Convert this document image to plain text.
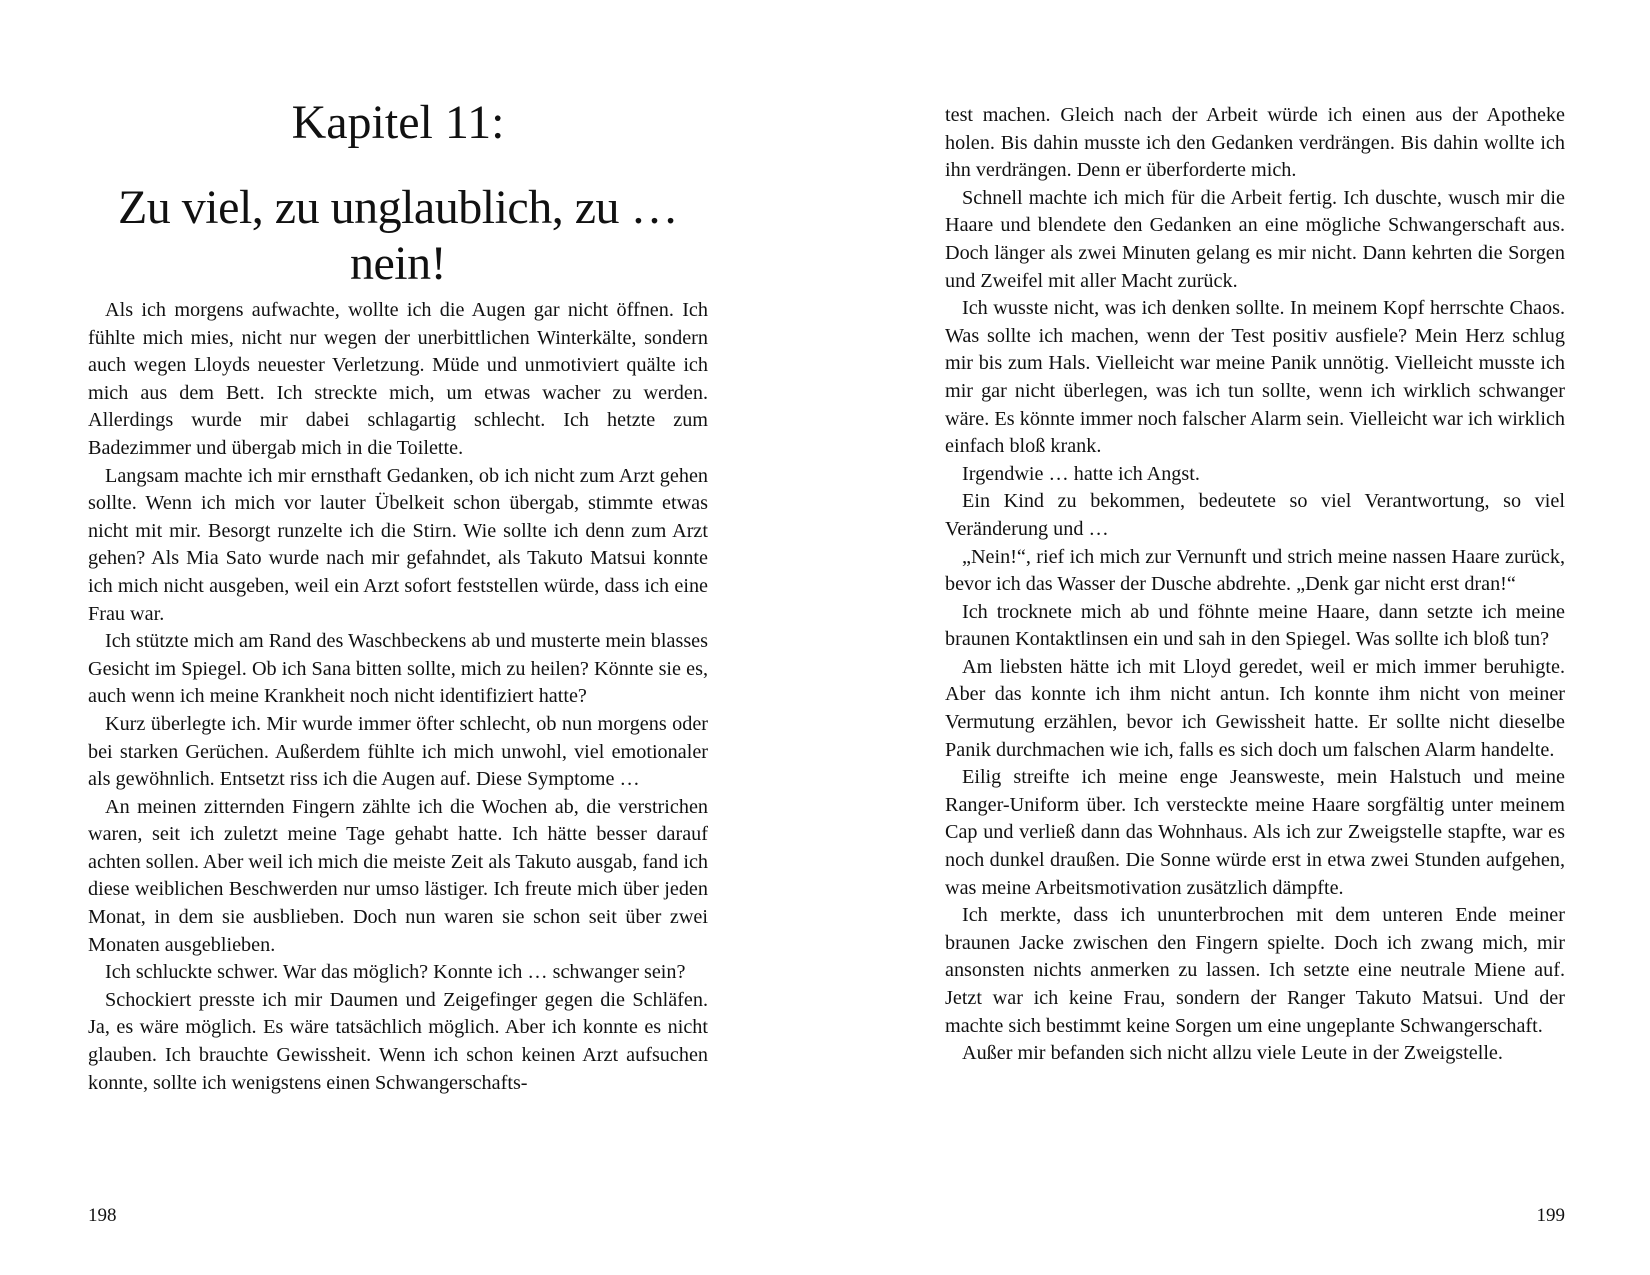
Kapitel 11:
Zu viel, zu unglaublich, zu … nein!

Als ich morgens aufwachte, wollte ich die Augen gar nicht öffnen. Ich fühlte mich mies, nicht nur wegen der unerbittlichen Winterkälte, sondern auch wegen Lloyds neuester Verletzung. Müde und unmotiviert quälte ich mich aus dem Bett. Ich streckte mich, um etwas wacher zu werden. Allerdings wurde mir dabei schlagartig schlecht. Ich hetzte zum Badezimmer und übergab mich in die Toilette.

Langsam machte ich mir ernsthaft Gedanken, ob ich nicht zum Arzt gehen sollte. Wenn ich mich vor lauter Übelkeit schon übergab, stimmte etwas nicht mit mir. Besorgt runzelte ich die Stirn. Wie sollte ich denn zum Arzt gehen? Als Mia Sato wurde nach mir gefahndet, als Takuto Matsui konnte ich mich nicht ausgeben, weil ein Arzt sofort feststellen würde, dass ich eine Frau war.

Ich stützte mich am Rand des Waschbeckens ab und musterte mein blasses Gesicht im Spiegel. Ob ich Sana bitten sollte, mich zu heilen? Könnte sie es, auch wenn ich meine Krankheit noch nicht identifiziert hatte?

Kurz überlegte ich. Mir wurde immer öfter schlecht, ob nun morgens oder bei starken Gerüchen. Außerdem fühlte ich mich unwohl, viel emotionaler als gewöhnlich. Entsetzt riss ich die Augen auf. Diese Symptome …

An meinen zitternden Fingern zählte ich die Wochen ab, die verstrichen waren, seit ich zuletzt meine Tage gehabt hatte. Ich hätte besser darauf achten sollen. Aber weil ich mich die meiste Zeit als Takuto ausgab, fand ich diese weiblichen Beschwerden nur umso lästiger. Ich freute mich über jeden Monat, in dem sie ausblieben. Doch nun waren sie schon seit über zwei Monaten ausgeblieben.

Ich schluckte schwer. War das möglich? Konnte ich … schwanger sein?

Schockiert presste ich mir Daumen und Zeigefinger gegen die Schläfen. Ja, es wäre möglich. Es wäre tatsächlich möglich. Aber ich konnte es nicht glauben. Ich brauchte Gewissheit. Wenn ich schon keinen Arzt aufsuchen konnte, sollte ich wenigstens einen Schwangerschafts-

198

test machen. Gleich nach der Arbeit würde ich einen aus der Apotheke holen. Bis dahin musste ich den Gedanken verdrängen. Bis dahin wollte ich ihn verdrängen. Denn er überforderte mich.

Schnell machte ich mich für die Arbeit fertig. Ich duschte, wusch mir die Haare und blendete den Gedanken an eine mögliche Schwangerschaft aus. Doch länger als zwei Minuten gelang es mir nicht. Dann kehrten die Sorgen und Zweifel mit aller Macht zurück.

Ich wusste nicht, was ich denken sollte. In meinem Kopf herrschte Chaos. Was sollte ich machen, wenn der Test positiv ausfiele? Mein Herz schlug mir bis zum Hals. Vielleicht war meine Panik unnötig. Vielleicht musste ich mir gar nicht überlegen, was ich tun sollte, wenn ich wirklich schwanger wäre. Es könnte immer noch falscher Alarm sein. Vielleicht war ich wirklich einfach bloß krank.

Irgendwie … hatte ich Angst.

Ein Kind zu bekommen, bedeutete so viel Verantwortung, so viel Veränderung und …

„Nein!“, rief ich mich zur Vernunft und strich meine nassen Haare zurück, bevor ich das Wasser der Dusche abdrehte. „Denk gar nicht erst dran!“

Ich trocknete mich ab und föhnte meine Haare, dann setzte ich meine braunen Kontaktlinsen ein und sah in den Spiegel. Was sollte ich bloß tun?

Am liebsten hätte ich mit Lloyd geredet, weil er mich immer beruhigte. Aber das konnte ich ihm nicht antun. Ich konnte ihm nicht von meiner Vermutung erzählen, bevor ich Gewissheit hatte. Er sollte nicht dieselbe Panik durchmachen wie ich, falls es sich doch um falschen Alarm handelte.

Eilig streifte ich meine enge Jeansweste, mein Halstuch und meine Ranger-Uniform über. Ich versteckte meine Haare sorgfältig unter meinem Cap und verließ dann das Wohnhaus. Als ich zur Zweigstelle stapfte, war es noch dunkel draußen. Die Sonne würde erst in etwa zwei Stunden aufgehen, was meine Arbeitsmotivation zusätzlich dämpfte.

Ich merkte, dass ich ununterbrochen mit dem unteren Ende meiner braunen Jacke zwischen den Fingern spielte. Doch ich zwang mich, mir ansonsten nichts anmerken zu lassen. Ich setzte eine neutrale Miene auf. Jetzt war ich keine Frau, sondern der Ranger Takuto Matsui. Und der machte sich bestimmt keine Sorgen um eine ungeplante Schwangerschaft.

Außer mir befanden sich nicht allzu viele Leute in der Zweigstelle.

199
